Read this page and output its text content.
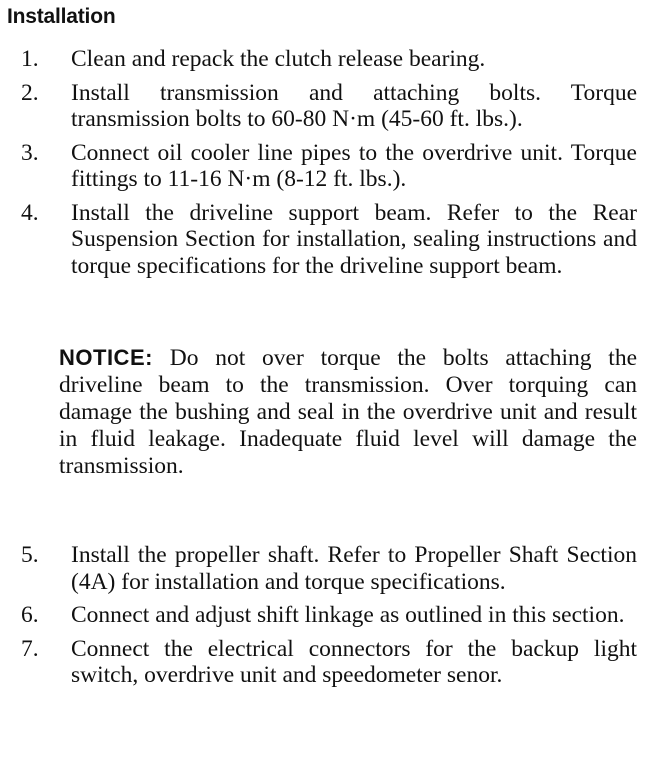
Installation
1.	Clean and repack the clutch release bearing.
2.	Install transmission and attaching bolts. Torque transmission bolts to 60-80 N·m (45-60 ft. lbs.).
3.	Connect oil cooler line pipes to the overdrive unit. Torque fittings to 11-16 N·m (8-12 ft. lbs.).
4.	Install the driveline support beam. Refer to the Rear Suspension Section for installation, sealing instructions and torque specifications for the driveline support beam.

NOTICE: Do not over torque the bolts attaching the driveline beam to the transmission. Over torquing can damage the bushing and seal in the overdrive unit and result in fluid leakage. Inadequate fluid level will damage the transmission.

5.	Install the propeller shaft. Refer to Propeller Shaft Section (4A) for installation and torque specifications.
6.	Connect and adjust shift linkage as outlined in this section.
7.	Connect the electrical connectors for the backup light switch, overdrive unit and speedometer senor.
